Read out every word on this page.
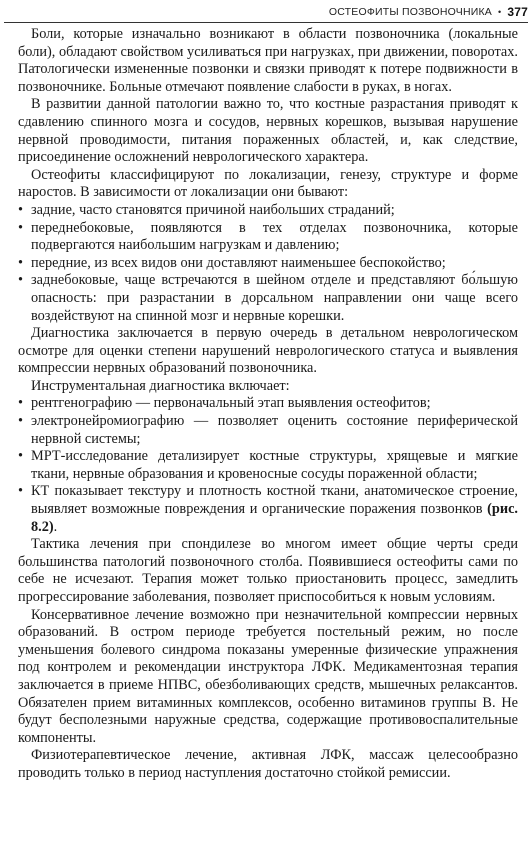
ОСТЕОФИТЫ ПОЗВОНОЧНИКА • 377

Боли, которые изначально возникают в области позвоночника (локальные боли), обладают свойством усиливаться при нагрузках, при движении, поворотах. Патологически измененные позвонки и связки приводят к потере подвижности в позвоночнике. Больные отмечают появление слабости в руках, в ногах.

В развитии данной патологии важно то, что костные разрастания приводят к сдавлению спинного мозга и сосудов, нервных корешков, вызывая нарушение нервной проводимости, питания пораженных областей, и, как следствие, присоединение осложнений неврологического характера.

Остеофиты классифицируют по локализации, генезу, структуре и форме наростов. В зависимости от локализации они бывают:

• задние, часто становятся причиной наибольших страданий;
• переднебоковые, появляются в тех отделах позвоночника, которые подвергаются наибольшим нагрузкам и давлению;
• передние, из всех видов они доставляют наименьшее беспокойство;
• заднебоковые, чаще встречаются в шейном отделе и представляют бо́льшую опасность: при разрастании в дорсальном направлении они чаще всего воздействуют на спинной мозг и нервные корешки.

Диагностика заключается в первую очередь в детальном неврологическом осмотре для оценки степени нарушений неврологического статуса и выявления компрессии нервных образований позвоночника.

Инструментальная диагностика включает:

• рентгенографию — первоначальный этап выявления остеофитов;
• электронейромиографию — позволяет оценить состояние периферической нервной системы;
• МРТ-исследование детализирует костные структуры, хрящевые и мягкие ткани, нервные образования и кровеносные сосуды пораженной области;
• КТ показывает текстуру и плотность костной ткани, анатомическое строение, выявляет возможные повреждения и органические поражения позвонков (рис. 8.2).

Тактика лечения при спондилезе во многом имеет общие черты среди большинства патологий позвоночного столба. Появившиеся остеофиты сами по себе не исчезают. Терапия может только приостановить процесс, замедлить прогрессирование заболевания, позволяет приспособиться к новым условиям.

Консервативное лечение возможно при незначительной компрессии нервных образований. В остром периоде требуется постельный режим, но после уменьшения болевого синдрома показаны умеренные физические упражнения под контролем и рекомендации инструктора ЛФК. Медикаментозная терапия заключается в приеме НПВС, обезболивающих средств, мышечных релаксантов. Обязателен прием витаминных комплексов, особенно витаминов группы В. Не будут бесполезными наружные средства, содержащие противовоспалительные компоненты.

Физиотерапевтическое лечение, активная ЛФК, массаж целесообразно проводить только в период наступления достаточно стойкой ремиссии.
